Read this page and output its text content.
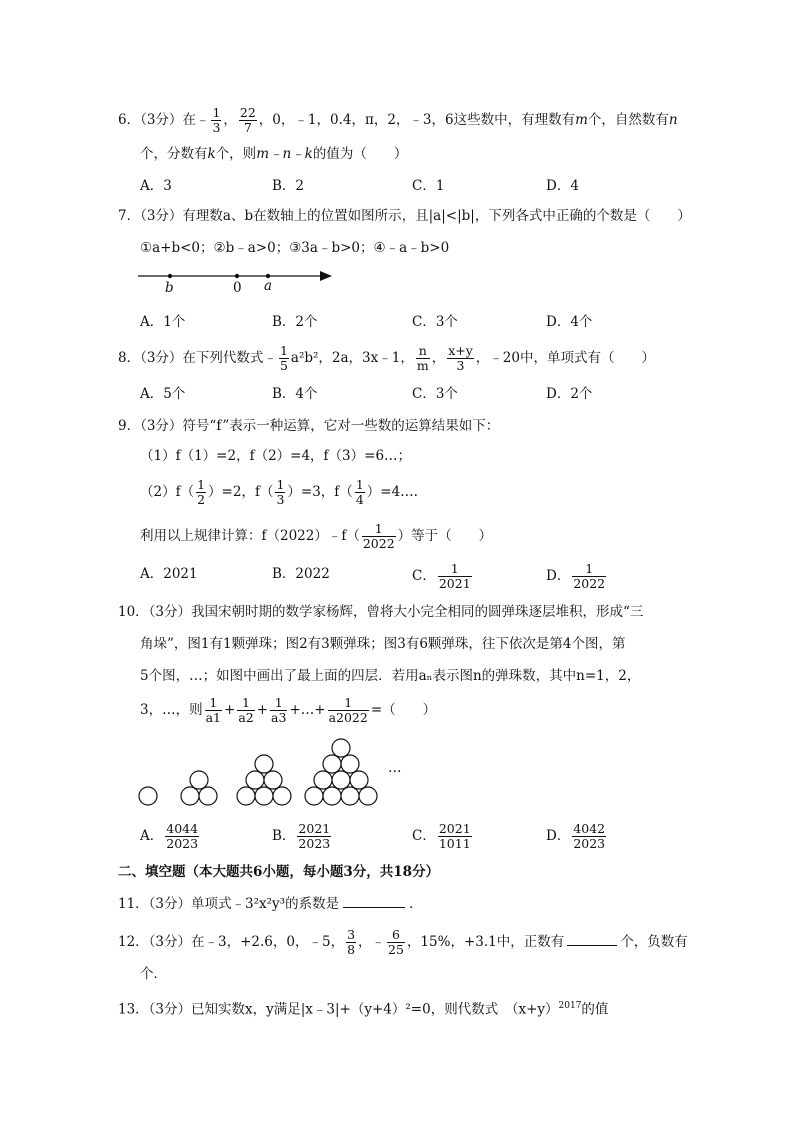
6．（3分）在﹣ $\frac{1}{3}$ ， $\frac{22}{7}$ ，0，﹣1，0.4，π，2，﹣3，6这些数中，有理数有m个，自然数有n
个，分数有k个，则m﹣n﹣k的值为（　　）
A．3	B．2	C．1	D．4
7．（3分）有理数a、b在数轴上的位置如图所示，且|a|<|b|，下列各式中正确的个数是（　　）
①a+b<0；②b﹣a>0；③3a﹣b>0；④﹣a﹣b>0
b	0 a
A．1个	B．2个	C．3个	D．4个
8．（3分）在下列代数式﹣ $\frac{1}{5} a^2b^2$，2a，3x﹣1， $\frac{n}{m}$ ， $\frac{x+y}{3}$ ，﹣20中，单项式有（　　）
A．5个	B．4个	C．3个	D．2个
9．（3分）符号“f”表示一种运算，它对一些数的运算结果如下：
（1）f（1）=2，f（2）=4，f（3）=6…；
$(2)f( \frac{1}{2} )=2$，$f( \frac{1}{3} )=3$，$f( \frac{1}{4}$ ）=4….
利用以上规律计算：f（2022）﹣f（ $\frac{1}{2022}$ ）等于（　　）
A．2021	B．2022	C． $\frac{1}{2021}$	D． $\frac{1}{2022}$
10．（3分）我国宋朝时期的数学家杨辉，曾将大小完全相同的圆弹珠逐层堆积，形成“三
角垛”，图1有1颗弹珠；图2有3颗弹珠；图3有6颗弹珠，往下依次是第4个图，第
5个图，…；如图中画出了最上面的四层．若用aₙ表示图n的弹珠数，其中n=1，2，
3，…，则 $\frac{1}{a1} + \frac{1}{a2} + \frac{1}{a3}$ +…+ $\frac{1}{a2022}$ =（　　）
…
A． $\frac{4044}{2023}$	B． $\frac{2021}{2023}$	C． $\frac{2021}{1011}$	D． $\frac{4042}{2023}$
二、填空题（本大题共6小题，每小题3分，共18分）
11．（3分）单项式﹣3²x²y³的系数是	．
12．（3分）在﹣3，+2.6，0，﹣5， $\frac{3}{8}$ ，﹣ $\frac{6}{25}$ ，15%，+3.1中，正数有	个，负数有
个．
13．（3分）已知实数x，y满足|x﹣3|+（y+4）²=0，则代数式　$(x+y)^{2017}$的值
